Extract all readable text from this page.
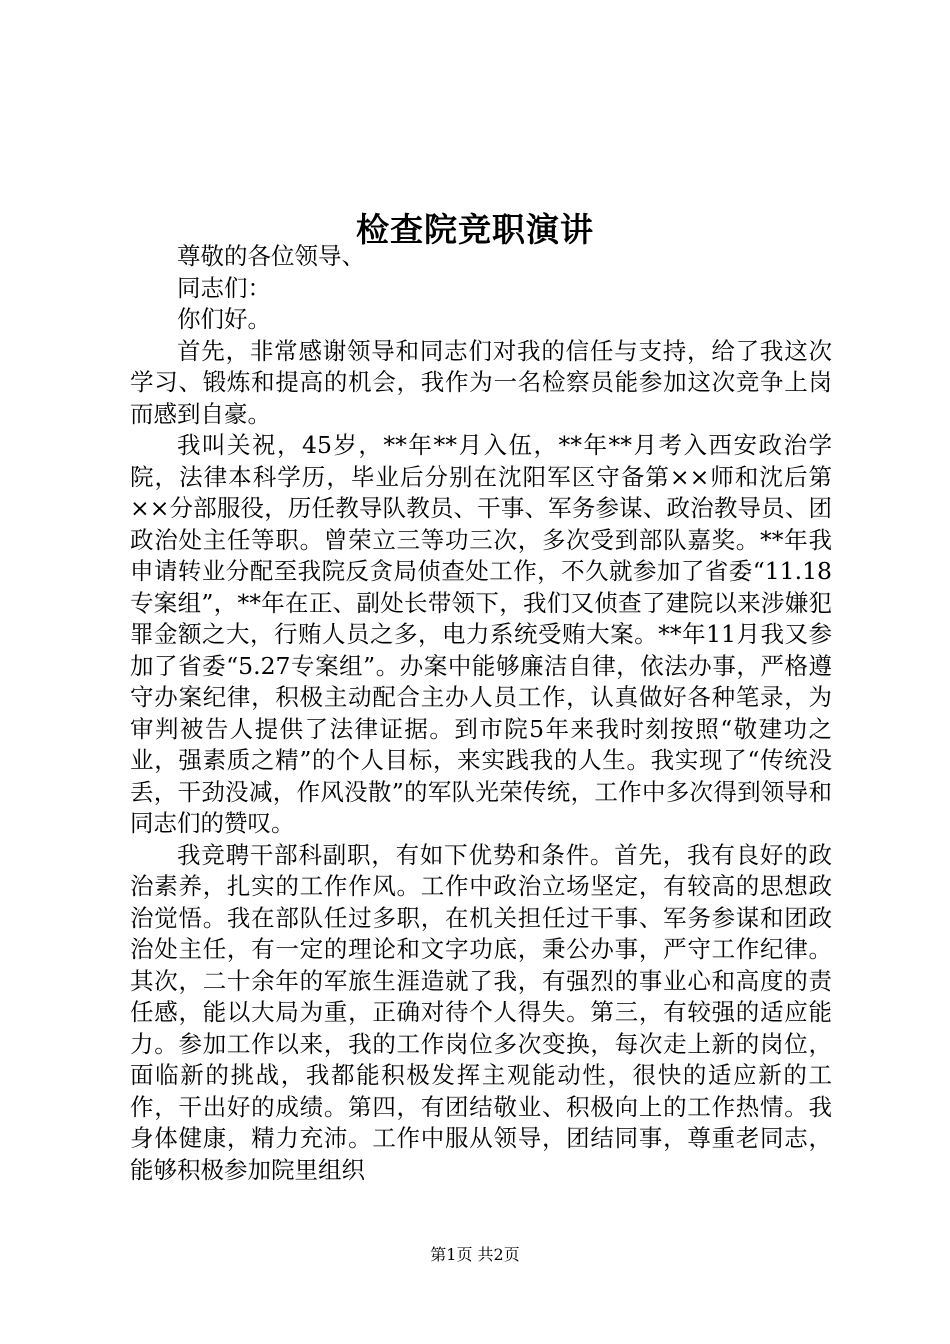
检查院竞职演讲

尊敬的各位领导、

同志们：

你们好。

首先，非常感谢领导和同志们对我的信任与支持，给了我这次学习、锻炼和提高的机会，我作为一名检察员能参加这次竞争上岗而感到自豪。

我叫关祝，45岁，**年**月入伍，**年**月考入西安政治学院，法律本科学历，毕业后分别在沈阳军区守备第××师和沈后第××分部服役，历任教导队教员、干事、军务参谋、政治教导员、团政治处主任等职。曾荣立三等功三次，多次受到部队嘉奖。**年我申请转业分配至我院反贪局侦查处工作，不久就参加了省委“11.18专案组”，**年在正、副处长带领下，我们又侦查了建院以来涉嫌犯罪金额之大，行贿人员之多，电力系统受贿大案。**年11月我又参加了省委“5.27专案组”。办案中能够廉洁自律，依法办事，严格遵守办案纪律，积极主动配合主办人员工作，认真做好各种笔录，为审判被告人提供了法律证据。到市院5年来我时刻按照“敬建功之业，强素质之精”的个人目标，来实践我的人生。我实现了“传统没丢，干劲没减，作风没散”的军队光荣传统，工作中多次得到领导和同志们的赞叹。

我竞聘干部科副职，有如下优势和条件。首先，我有良好的政治素养，扎实的工作作风。工作中政治立场坚定，有较高的思想政治觉悟。我在部队任过多职，在机关担任过干事、军务参谋和团政治处主任，有一定的理论和文字功底，秉公办事，严守工作纪律。其次，二十余年的军旅生涯造就了我，有强烈的事业心和高度的责任感，能以大局为重，正确对待个人得失。第三，有较强的适应能力。参加工作以来，我的工作岗位多次变换，每次走上新的岗位，面临新的挑战，我都能积极发挥主观能动性，很快的适应新的工作，干出好的成绩。第四，有团结敬业、积极向上的工作热情。我身体健康，精力充沛。工作中服从领导，团结同事，尊重老同志，能够积极参加院里组织

第1页 共2页
